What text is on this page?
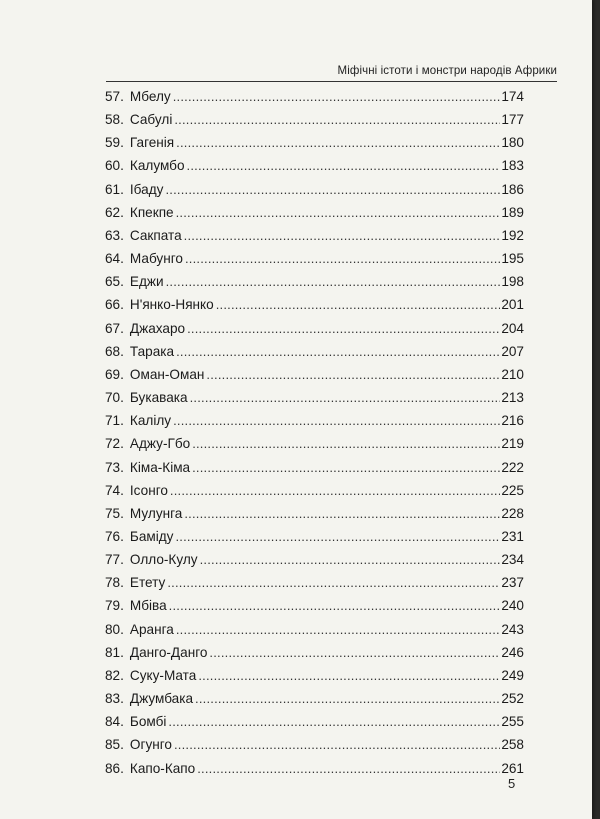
Міфічні істоти і монстри народів Африки
57. Мбелу .....	174
58. Сабулі .....	177
59. Гагенія .....	180
60. Калумбо .....	183
61. Ібаду .....	186
62. Кпекпе .....	189
63. Сакпата .....	192
64. Мабунго .....	195
65. Еджи .....	198
66. Н'янко-Нянко .....	201
67. Джахаро .....	204
68. Тарака .....	207
69. Оман-Оман .....	210
70. Букавака .....	213
71. Калілу .....	216
72. Аджу-Гбо .....	219
73. Кіма-Кіма .....	222
74. Ісонго .....	225
75. Мулунга .....	228
76. Баміду .....	231
77. Олло-Кулу .....	234
78. Етету .....	237
79. Мбіва .....	240
80. Аранга .....	243
81. Данго-Данго .....	246
82. Суку-Мата .....	249
83. Джумбака .....	252
84. Бомбі .....	255
85. Огунго .....	258
86. Капо-Капо .....	261
5
